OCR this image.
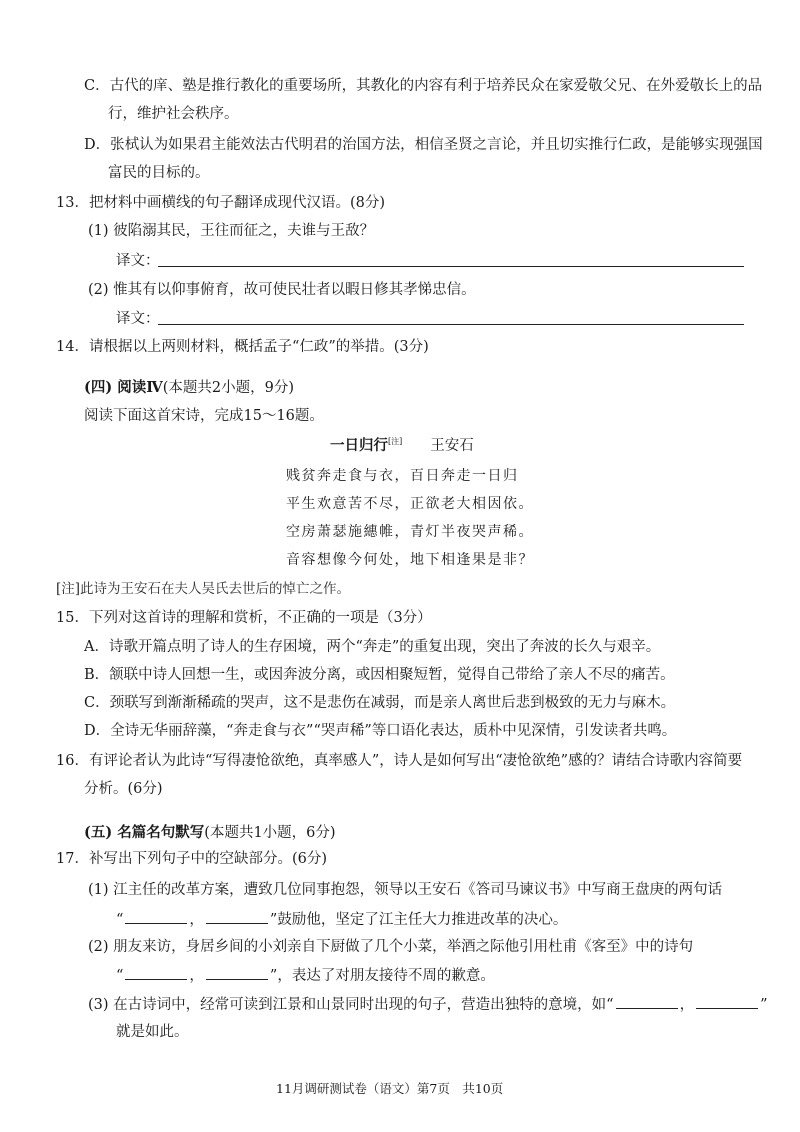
C．古代的庠、塾是推行教化的重要场所，其教化的内容有利于培养民众在家爱敬父兄、在外爱敬长上的品
行，维护社会秩序。
D．张栻认为如果君主能效法古代明君的治国方法，相信圣贤之言论，并且切实推行仁政，是能够实现强国
富民的目标的。
13．把材料中画横线的句子翻译成现代汉语。(8分)
(1) 彼陷溺其民，王往而征之，夫谁与王敌？
译文：
(2) 惟其有以仰事俯育，故可使民壮者以暇日修其孝悌忠信。
译文：
14．请根据以上两则材料，概括孟子“仁政”的举措。(3分)
(四) 阅读Ⅳ(本题共2小题，9分)
阅读下面这首宋诗，完成15～16题。
一日归行[注] 王安石
贱贫奔走食与衣，百日奔走一日归
平生欢意苦不尽，正欲老大相因依。
空房萧瑟施繐帷，青灯半夜哭声稀。
音容想像今何处，地下相逢果是非？
[注]此诗为王安石在夫人吴氏去世后的悼亡之作。
15．下列对这首诗的理解和赏析，不正确的一项是（3分）
A．诗歌开篇点明了诗人的生存困境，两个“奔走”的重复出现，突出了奔波的长久与艰辛。
B．颔联中诗人回想一生，或因奔波分离，或因相聚短暂，觉得自己带给了亲人不尽的痛苦。
C．颈联写到渐渐稀疏的哭声，这不是悲伤在减弱，而是亲人离世后悲到极致的无力与麻木。
D．全诗无华丽辞藻，“奔走食与衣”“哭声稀”等口语化表达，质朴中见深情，引发读者共鸣。
16．有评论者认为此诗“写得凄怆欲绝，真率感人”，诗人是如何写出“凄怆欲绝”感的？请结合诗歌内容简要
分析。(6分)
(五) 名篇名句默写(本题共1小题，6分)
17．补写出下列句子中的空缺部分。(6分)
(1) 江主任的改革方案，遭致几位同事抱怨，领导以王安石《答司马谏议书》中写商王盘庚的两句话
“	，	”鼓励他，坚定了江主任大力推进改革的决心。
(2) 朋友来访，身居乡间的小刘亲自下厨做了几个小菜，举酒之际他引用杜甫《客至》中的诗句
“	，	”，表达了对朋友接待不周的歉意。
(3) 在古诗词中，经常可读到江景和山景同时出现的句子，营造出独特的意境，如“	，	”
就是如此。
11月调研测试卷（语文）第7页　共10页
